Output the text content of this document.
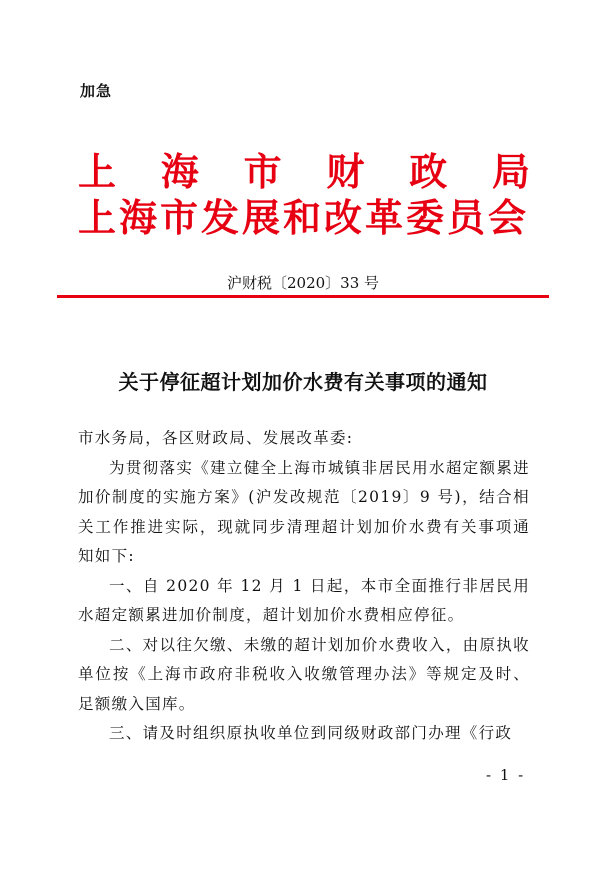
加急
上 海 市 财 政 局
上海市发展和改革委员会
沪财税〔2020〕33 号
关于停征超计划加价水费有关事项的通知

市水务局，各区财政局、发展改革委:

为贯彻落实《建立健全上海市城镇非居民用水超定额累进加价制度的实施方案》(沪发改规范〔2019〕9 号)，结合相关工作推进实际，现就同步清理超计划加价水费有关事项通知如下:

一、自 2020 年 12 月 1 日起，本市全面推行非居民用水超定额累进加价制度，超计划加价水费相应停征。

二、对以往欠缴、未缴的超计划加价水费收入，由原执收单位按《上海市政府非税收入收缴管理办法》等规定及时、足额缴入国库。

三、请及时组织原执收单位到同级财政部门办理《行政

- 1 -
